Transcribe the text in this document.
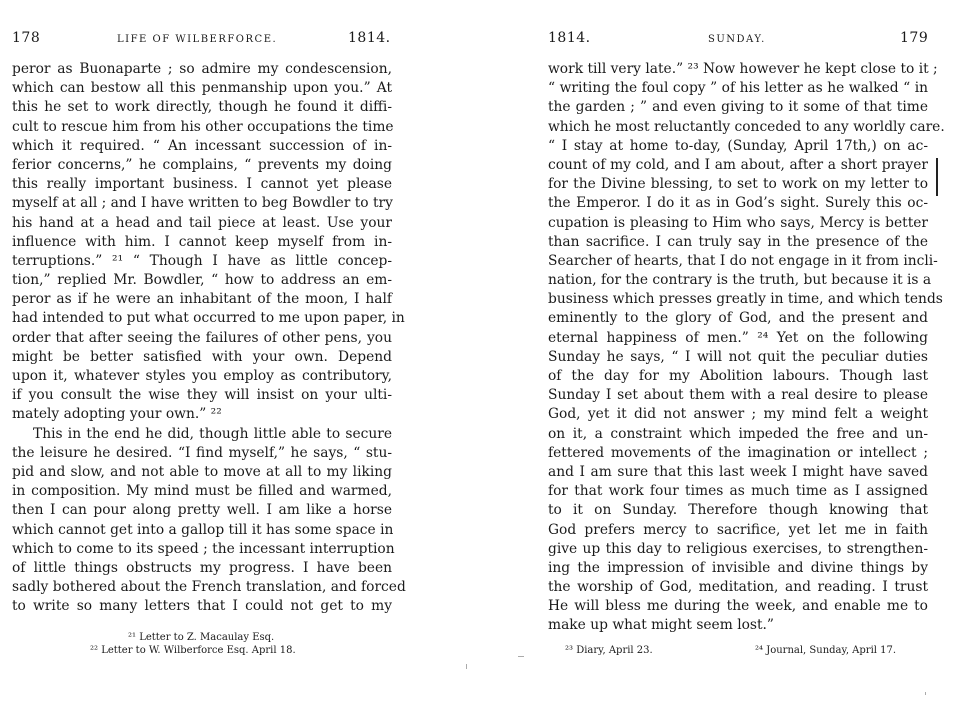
178	LIFE OF WILBERFORCE.	1814.
peror as Buonaparte ; so admire my condescension,
which can bestow all this penmanship upon you.” At
this he set to work directly, though he found it diffi-
cult to rescue him from his other occupations the time
which it required. “ An incessant succession of in-
ferior concerns,” he complains, “ prevents my doing
this really important business. I cannot yet please
myself at all ; and I have written to beg Bowdler to try
his hand at a head and tail piece at least. Use your
influence with him. I cannot keep myself from in-
terruptions.” ²¹ “ Though I have as little concep-
tion,” replied Mr. Bowdler, “ how to address an em-
peror as if he were an inhabitant of the moon, I half
had intended to put what occurred to me upon paper, in
order that after seeing the failures of other pens, you
might be better satisfied with your own. Depend
upon it, whatever styles you employ as contributory,
if you consult the wise they will insist on your ulti-
mately adopting your own.” ²²
This in the end he did, though little able to secure
the leisure he desired. “I find myself,” he says, “ stu-
pid and slow, and not able to move at all to my liking
in composition. My mind must be filled and warmed,
then I can pour along pretty well. I am like a horse
which cannot get into a gallop till it has some space in
which to come to its speed ; the incessant interruption
of little things obstructs my progress. I have been
sadly bothered about the French translation, and forced
to write so many letters that I could not get to my
²¹ Letter to Z. Macaulay Esq.
²² Letter to W. Wilberforce Esq. April 18.
1814.	SUNDAY.	179
work till very late.” ²³ Now however he kept close to it ;
“ writing the foul copy ” of his letter as he walked “ in
the garden ; ” and even giving to it some of that time
which he most reluctantly conceded to any worldly care.
“ I stay at home to-day, (Sunday, April 17th,) on ac-
count of my cold, and I am about, after a short prayer
for the Divine blessing, to set to work on my letter to
the Emperor. I do it as in God’s sight. Surely this oc-
cupation is pleasing to Him who says, Mercy is better
than sacrifice. I can truly say in the presence of the
Searcher of hearts, that I do not engage in it from incli-
nation, for the contrary is the truth, but because it is a
business which presses greatly in time, and which tends
eminently to the glory of God, and the present and
eternal happiness of men.” ²⁴ Yet on the following
Sunday he says, “ I will not quit the peculiar duties
of the day for my Abolition labours. Though last
Sunday I set about them with a real desire to please
God, yet it did not answer ; my mind felt a weight
on it, a constraint which impeded the free and un-
fettered movements of the imagination or intellect ;
and I am sure that this last week I might have saved
for that work four times as much time as I assigned
to it on Sunday. Therefore though knowing that
God prefers mercy to sacrifice, yet let me in faith
give up this day to religious exercises, to strengthen-
ing the impression of invisible and divine things by
the worship of God, meditation, and reading. I trust
He will bless me during the week, and enable me to
make up what might seem lost.”
²³ Diary, April 23.	²⁴ Journal, Sunday, April 17.
